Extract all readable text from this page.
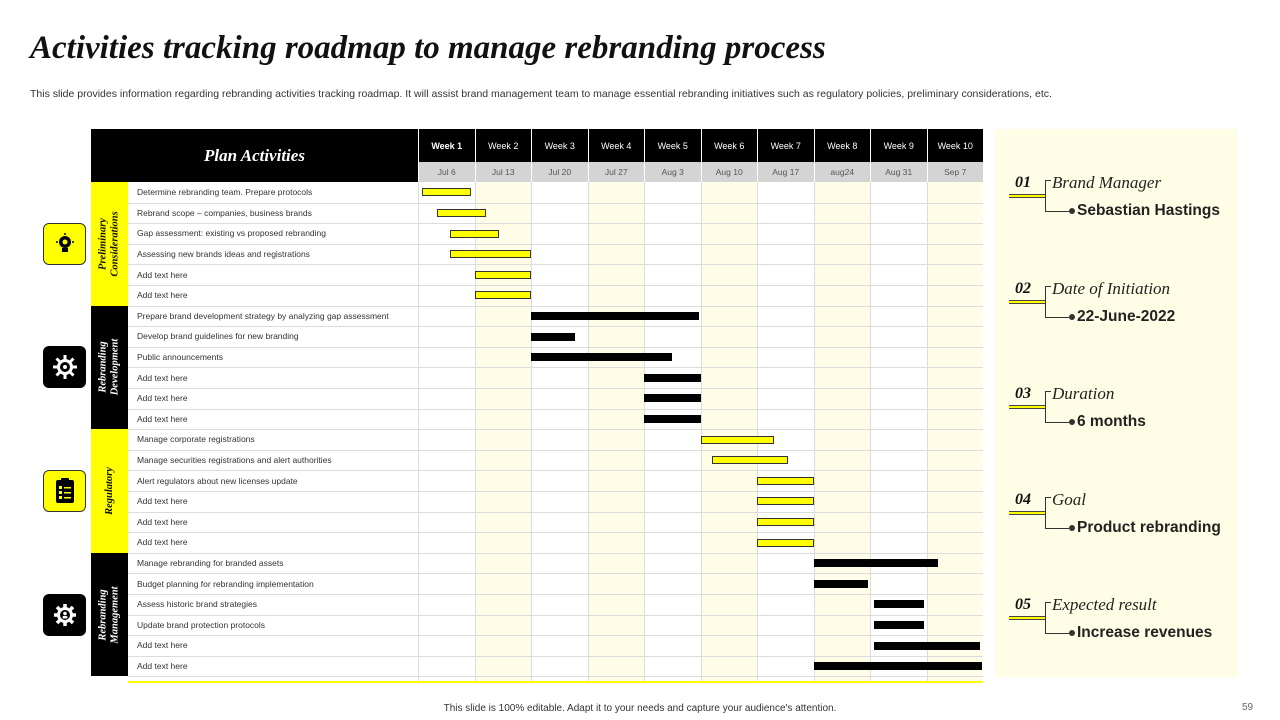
Activities tracking roadmap to manage rebranding process
This slide provides information regarding rebranding activities tracking roadmap. It will assist brand management team to manage essential rebranding initiatives such as regulatory policies, preliminary considerations, etc.
Plan Activities	Week 1
Jul 6
Week 2
Jul 13
Week 3
Jul 20
Week 4
Jul 27
Week 5
Aug 3
Week 6
Aug 10
Week 7
Aug 17
Week 8
aug24
Week 9
Aug 31
Week 10
Sep 7
Determine rebranding team. Prepare protocols
Rebrand scope – companies, business brands
Gap assessment: existing vs proposed rebranding
Assessing new brands ideas and registrations
Add text here
Add text here
Prepare brand development strategy by analyzing gap assessment
Develop brand guidelines for new branding
Public announcements
Add text here
Add text here
Add text here
Manage corporate registrations
Manage securities registrations and alert authorities
Alert regulators about new licenses update
Add text here
Add text here
Add text here
Manage rebranding for branded assets
Budget planning for rebranding implementation
Assess historic brand strategies
Update brand protection protocols
Add text here
Add text here
Preliminary Considerations
Rebranding Development
Regulatory
Rebranding Management
01 Brand Manager
Sebastian Hastings
02 Date of Initiation
22-June-2022
03 Duration
6 months
04 Goal
Product rebranding
05 Expected result
Increase revenues
This slide is 100% editable. Adapt it to your needs and capture your audience's attention.	59
